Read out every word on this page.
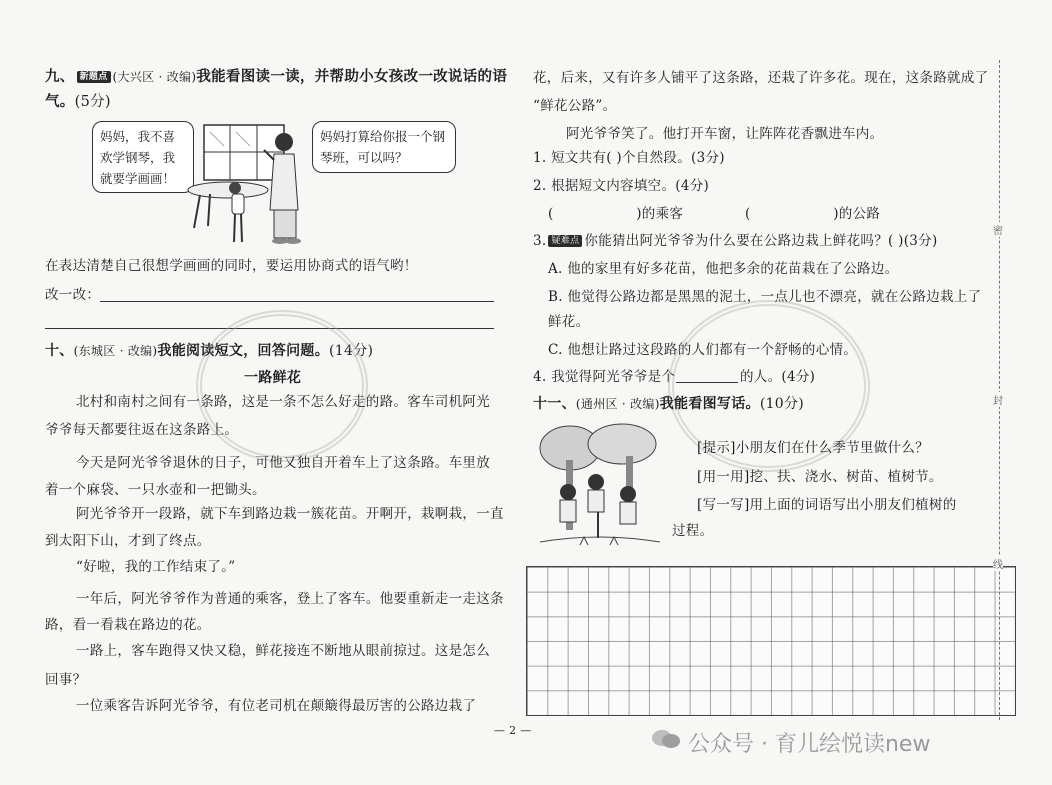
九、 新题点 (大兴区 · 改编)我能看图读一读，并帮助小女孩改一改说话的语
气。(5分)
妈妈，我不喜欢学钢琴，我就要学画画！
妈妈打算给你报一个钢琴班，可以吗？
在表达清楚自己很想学画画的同时，要运用协商式的语气哟！
改一改：
十、(东城区 · 改编)我能阅读短文，回答问题。(14分)
一路鲜花
北村和南村之间有一条路，这是一条不怎么好走的路。客车司机阿光
爷爷每天都要往返在这条路上。
今天是阿光爷爷退休的日子，可他又独自开着车上了这条路。车里放
着一个麻袋、一只水壶和一把锄头。
阿光爷爷开一段路，就下车到路边栽一簇花苗。开啊开，栽啊栽，一直
到太阳下山，才到了终点。
“好啦，我的工作结束了。”
一年后，阿光爷爷作为普通的乘客，登上了客车。他要重新走一走这条
路，看一看栽在路边的花。
一路上，客车跑得又快又稳，鲜花接连不断地从眼前掠过。这是怎么
回事？
一位乘客告诉阿光爷爷，有位老司机在颠簸得最厉害的公路边栽了
— 2 —
花，后来，又有许多人铺平了这条路，还栽了许多花。现在，这条路就成了
“鲜花公路”。
阿光爷爷笑了。他打开车窗，让阵阵花香飘进车内。
1. 短文共有( )个自然段。(3分)
2. 根据短文内容填空。(4分)
(                  )的乘客	(                  )的公路
3. 疑难点 你能猜出阿光爷爷为什么要在公路边栽上鲜花吗？( )(3分)
A. 他的家里有好多花苗，他把多余的花苗栽在了公路边。
B. 他觉得公路边都是黑黑的泥土，一点儿也不漂亮，就在公路边栽上了
鲜花。
C. 他想让路过这段路的人们都有一个舒畅的心情。
4. 我觉得阿光爷爷是个	的人。(4分)
十一、(通州区 · 改编)我能看图写话。(10分)
[提示]小朋友们在什么季节里做什么？
[用一用]挖、扶、浇水、树苗、植树节。
[写一写]用上面的词语写出小朋友们植树的
过程。
密
封
线
公众号 · 育儿绘悦读new
